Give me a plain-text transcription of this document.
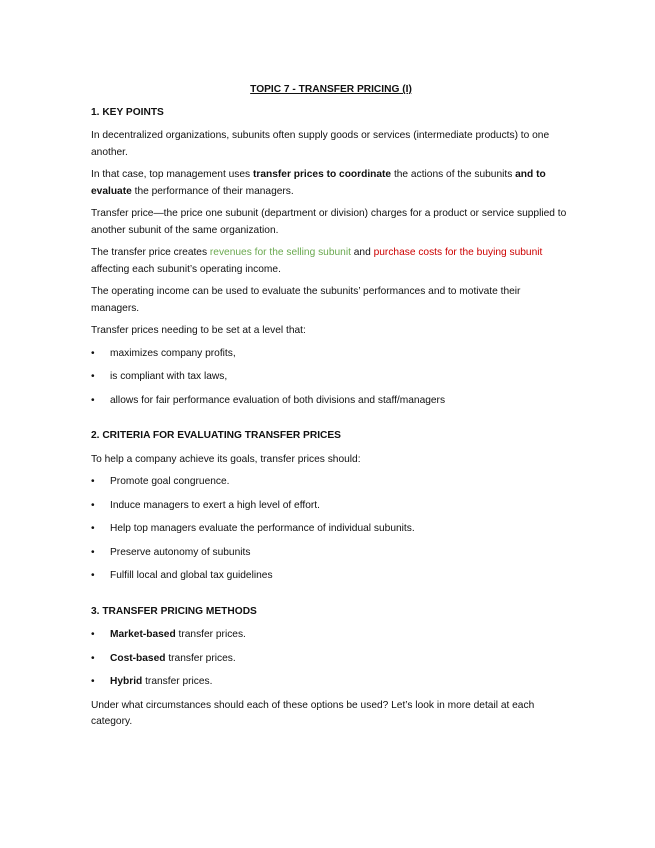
TOPIC 7 - TRANSFER PRICING (I)
1. KEY POINTS
In decentralized organizations, subunits often supply goods or services (intermediate products) to one another.
In that case, top management uses transfer prices to coordinate the actions of the subunits and to evaluate the performance of their managers.
Transfer price—the price one subunit (department or division) charges for a product or service supplied to another subunit of the same organization.
The transfer price creates revenues for the selling subunit and purchase costs for the buying subunit affecting each subunit’s operating income.
The operating income can be used to evaluate the subunits’ performances and to motivate their managers.
Transfer prices needing to be set at a level that:
• maximizes company profits,
• is compliant with tax laws,
• allows for fair performance evaluation of both divisions and staff/managers
2. CRITERIA FOR EVALUATING TRANSFER PRICES
To help a company achieve its goals, transfer prices should:
• Promote goal congruence.
• Induce managers to exert a high level of effort.
• Help top managers evaluate the performance of individual subunits.
• Preserve autonomy of subunits
• Fulfill local and global tax guidelines
3. TRANSFER PRICING METHODS
• Market-based transfer prices.
• Cost-based transfer prices.
• Hybrid transfer prices.
Under what circumstances should each of these options be used? Let’s look in more detail at each category.
